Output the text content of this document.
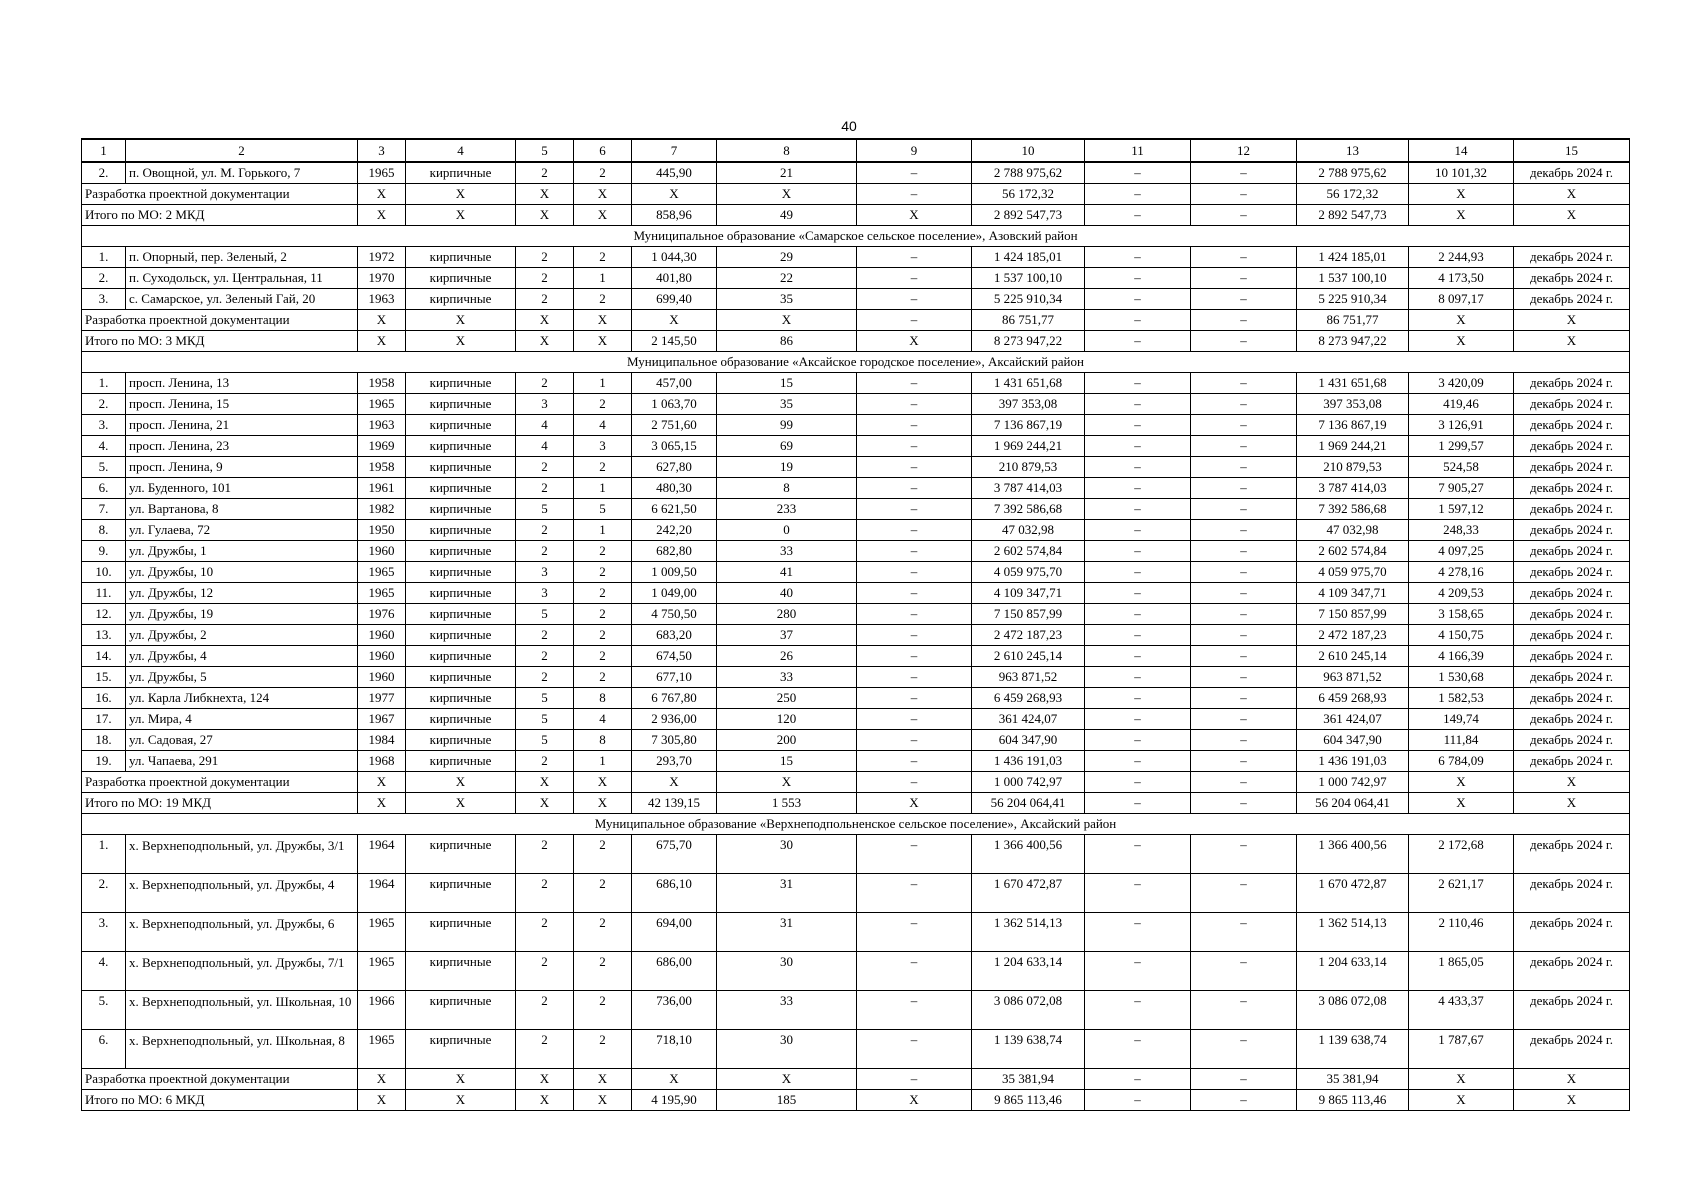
40
1	2	3	4	5	6	7	8	9	10	11	12	13	14	15
2.	п. Овощной, ул. М. Горького, 7	1965	кирпичные	2	2	445,90	21	–	2 788 975,62	–	–	2 788 975,62	10 101,32	декабрь 2024 г.
Разработка проектной документации		X	X	X	X	X	X	–	56 172,32	–	–	56 172,32	X	X
Итого по МО: 2 МКД		X	X	X	X	858,96	49	X	2 892 547,73	–	–	2 892 547,73	X	X
Муниципальное образование «Самарское сельское поселение», Азовский район														
1.	п. Опорный, пер. Зеленый, 2	1972	кирпичные	2	2	1 044,30	29	–	1 424 185,01	–	–	1 424 185,01	2 244,93	декабрь 2024 г.
2.	п. Суходольск, ул. Центральная, 11	1970	кирпичные	2	1	401,80	22	–	1 537 100,10	–	–	1 537 100,10	4 173,50	декабрь 2024 г.
3.	с. Самарское, ул. Зеленый Гай, 20	1963	кирпичные	2	2	699,40	35	–	5 225 910,34	–	–	5 225 910,34	8 097,17	декабрь 2024 г.
Разработка проектной документации		X	X	X	X	X	X	–	86 751,77	–	–	86 751,77	X	X
Итого по МО: 3 МКД		X	X	X	X	2 145,50	86	X	8 273 947,22	–	–	8 273 947,22	X	X
Муниципальное образование «Аксайское городское поселение», Аксайский район														
1.	просп. Ленина, 13	1958	кирпичные	2	1	457,00	15	–	1 431 651,68	–	–	1 431 651,68	3 420,09	декабрь 2024 г.
2.	просп. Ленина, 15	1965	кирпичные	3	2	1 063,70	35	–	397 353,08	–	–	397 353,08	419,46	декабрь 2024 г.
3.	просп. Ленина, 21	1963	кирпичные	4	4	2 751,60	99	–	7 136 867,19	–	–	7 136 867,19	3 126,91	декабрь 2024 г.
4.	просп. Ленина, 23	1969	кирпичные	4	3	3 065,15	69	–	1 969 244,21	–	–	1 969 244,21	1 299,57	декабрь 2024 г.
5.	просп. Ленина, 9	1958	кирпичные	2	2	627,80	19	–	210 879,53	–	–	210 879,53	524,58	декабрь 2024 г.
6.	ул. Буденного, 101	1961	кирпичные	2	1	480,30	8	–	3 787 414,03	–	–	3 787 414,03	7 905,27	декабрь 2024 г.
7.	ул. Вартанова, 8	1982	кирпичные	5	5	6 621,50	233	–	7 392 586,68	–	–	7 392 586,68	1 597,12	декабрь 2024 г.
8.	ул. Гулаева, 72	1950	кирпичные	2	1	242,20	0	–	47 032,98	–	–	47 032,98	248,33	декабрь 2024 г.
9.	ул. Дружбы, 1	1960	кирпичные	2	2	682,80	33	–	2 602 574,84	–	–	2 602 574,84	4 097,25	декабрь 2024 г.
10.	ул. Дружбы, 10	1965	кирпичные	3	2	1 009,50	41	–	4 059 975,70	–	–	4 059 975,70	4 278,16	декабрь 2024 г.
11.	ул. Дружбы, 12	1965	кирпичные	3	2	1 049,00	40	–	4 109 347,71	–	–	4 109 347,71	4 209,53	декабрь 2024 г.
12.	ул. Дружбы, 19	1976	кирпичные	5	2	4 750,50	280	–	7 150 857,99	–	–	7 150 857,99	3 158,65	декабрь 2024 г.
13.	ул. Дружбы, 2	1960	кирпичные	2	2	683,20	37	–	2 472 187,23	–	–	2 472 187,23	4 150,75	декабрь 2024 г.
14.	ул. Дружбы, 4	1960	кирпичные	2	2	674,50	26	–	2 610 245,14	–	–	2 610 245,14	4 166,39	декабрь 2024 г.
15.	ул. Дружбы, 5	1960	кирпичные	2	2	677,10	33	–	963 871,52	–	–	963 871,52	1 530,68	декабрь 2024 г.
16.	ул. Карла Либкнехта, 124	1977	кирпичные	5	8	6 767,80	250	–	6 459 268,93	–	–	6 459 268,93	1 582,53	декабрь 2024 г.
17.	ул. Мира, 4	1967	кирпичные	5	4	2 936,00	120	–	361 424,07	–	–	361 424,07	149,74	декабрь 2024 г.
18.	ул. Садовая, 27	1984	кирпичные	5	8	7 305,80	200	–	604 347,90	–	–	604 347,90	111,84	декабрь 2024 г.
19.	ул. Чапаева, 291	1968	кирпичные	2	1	293,70	15	–	1 436 191,03	–	–	1 436 191,03	6 784,09	декабрь 2024 г.
Разработка проектной документации		X	X	X	X	X	X	–	1 000 742,97	–	–	1 000 742,97	X	X
Итого по МО: 19 МКД		X	X	X	X	42 139,15	1 553	X	56 204 064,41	–	–	56 204 064,41	X	X
Муниципальное образование «Верхнеподпольненское сельское поселение», Аксайский район														
1.	х. Верхнеподпольный, ул. Дружбы, 3/1	1964	кирпичные	2	2	675,70	30	–	1 366 400,56	–	–	1 366 400,56	2 172,68	декабрь 2024 г.
2.	х. Верхнеподпольный, ул. Дружбы, 4	1964	кирпичные	2	2	686,10	31	–	1 670 472,87	–	–	1 670 472,87	2 621,17	декабрь 2024 г.
3.	х. Верхнеподпольный, ул. Дружбы, 6	1965	кирпичные	2	2	694,00	31	–	1 362 514,13	–	–	1 362 514,13	2 110,46	декабрь 2024 г.
4.	х. Верхнеподпольный, ул. Дружбы, 7/1	1965	кирпичные	2	2	686,00	30	–	1 204 633,14	–	–	1 204 633,14	1 865,05	декабрь 2024 г.
5.	х. Верхнеподпольный, ул. Школьная, 10	1966	кирпичные	2	2	736,00	33	–	3 086 072,08	–	–	3 086 072,08	4 433,37	декабрь 2024 г.
6.	х. Верхнеподпольный, ул. Школьная, 8	1965	кирпичные	2	2	718,10	30	–	1 139 638,74	–	–	1 139 638,74	1 787,67	декабрь 2024 г.
Разработка проектной документации		X	X	X	X	X	X	–	35 381,94	–	–	35 381,94	X	X
Итого по МО: 6 МКД		X	X	X	X	4 195,90	185	X	9 865 113,46	–	–	9 865 113,46	X	X
